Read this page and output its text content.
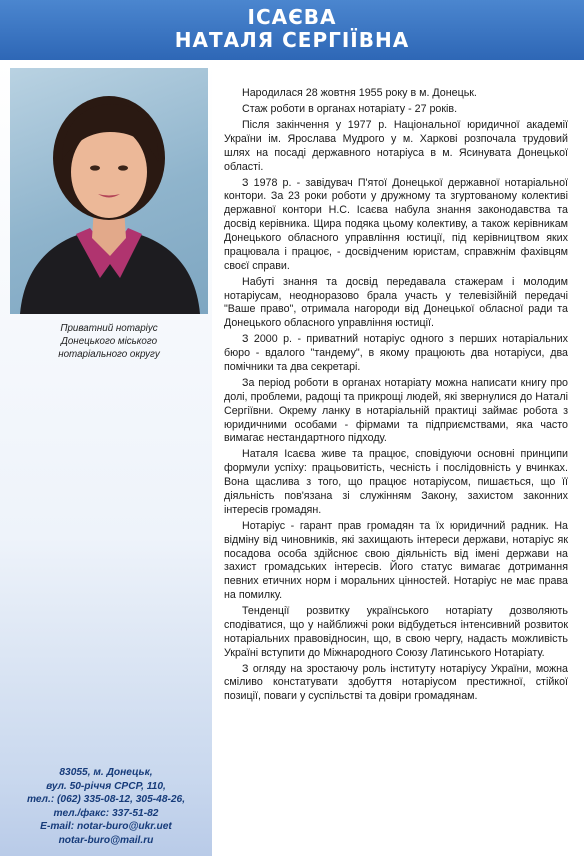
ІСАЄВА
НАТАЛЯ СЕРГІЇВНА
Приватний нотаріус
Донецького міського
нотаріального округу
83055, м. Донецьк,
вул. 50-річчя СРСР, 110,
тел.: (062) 335-08-12, 305-48-26,
тел./факс: 337-51-82
E-mail: notar-buro@ukr.uet
notar-buro@mail.ru

Народилася 28 жовтня 1955 року в м. Донецьк.

Стаж роботи в органах нотаріату - 27 років.

Після закінчення у 1977 р. Національної юридичної академії України ім. Ярослава Мудрого у м. Харкові розпочала трудовий шлях на посаді державного нотаріуса в м. Ясинувата Донецької області.

З 1978 р. - завідувач П'ятої Донецької державної нотаріальної контори. За 23 роки роботи у дружному та згуртованому колективі державної контори Н.С. Ісаєва набула знання законодавства та досвід керівника. Щира подяка цьому колективу, а також керівникам Донецького обласного управління юстиції, під керівництвом яких працювала і працює, - досвідченим юристам, справжнім фахівцям своєї справи.

Набуті знання та досвід передавала стажерам і молодим нотаріусам, неодноразово брала участь у телевізійній передачі "Ваше право", отримала нагороди від Донецької обласної ради та Донецького обласного управління юстиції.

З 2000 р. - приватний нотаріус одного з перших нотаріальних бюро - вдалого "тандему", в якому працюють два нотаріуси, два помічники та два секретарі.

За період роботи в органах нотаріату можна написати книгу про долі, проблеми, радощі та прикрощі людей, які звернулися до Наталі Сергіївни. Окрему ланку в нотаріальній практиці займає робота з юридичними особами - фірмами та підприємствами, яка часто вимагає нестандартного підходу.

Наталя Ісаєва живе та працює, сповідуючи основні принципи формули успіху: працьовитість, чесність і послідовність у вчинках. Вона щаслива з того, що працює нотаріусом, пишається, що її діяльність пов'язана зі служінням Закону, захистом законних інтересів громадян.

Нотаріус - гарант прав громадян та їх юридичний радник. На відміну від чиновників, які захищають інтереси держави, нотаріус як посадова особа здійснює свою діяльність від імені держави на захист громадських інтересів. Його статус вимагає дотримання певних етичних норм і моральних цінностей. Нотаріус не має права на помилку.

Тенденції розвитку українського нотаріату дозволяють сподіватися, що у найближчі роки відбудеться інтенсивний розвиток нотаріальних правовідносин, що, в свою чергу, надасть можливість Україні вступити до Міжнародного Союзу Латинського Нотаріату.

З огляду на зростаючу роль інституту нотаріусу України, можна сміливо констатувати здобуття нотаріусом престижної, стійкої позиції, поваги у суспільстві та довіри громадянам.
